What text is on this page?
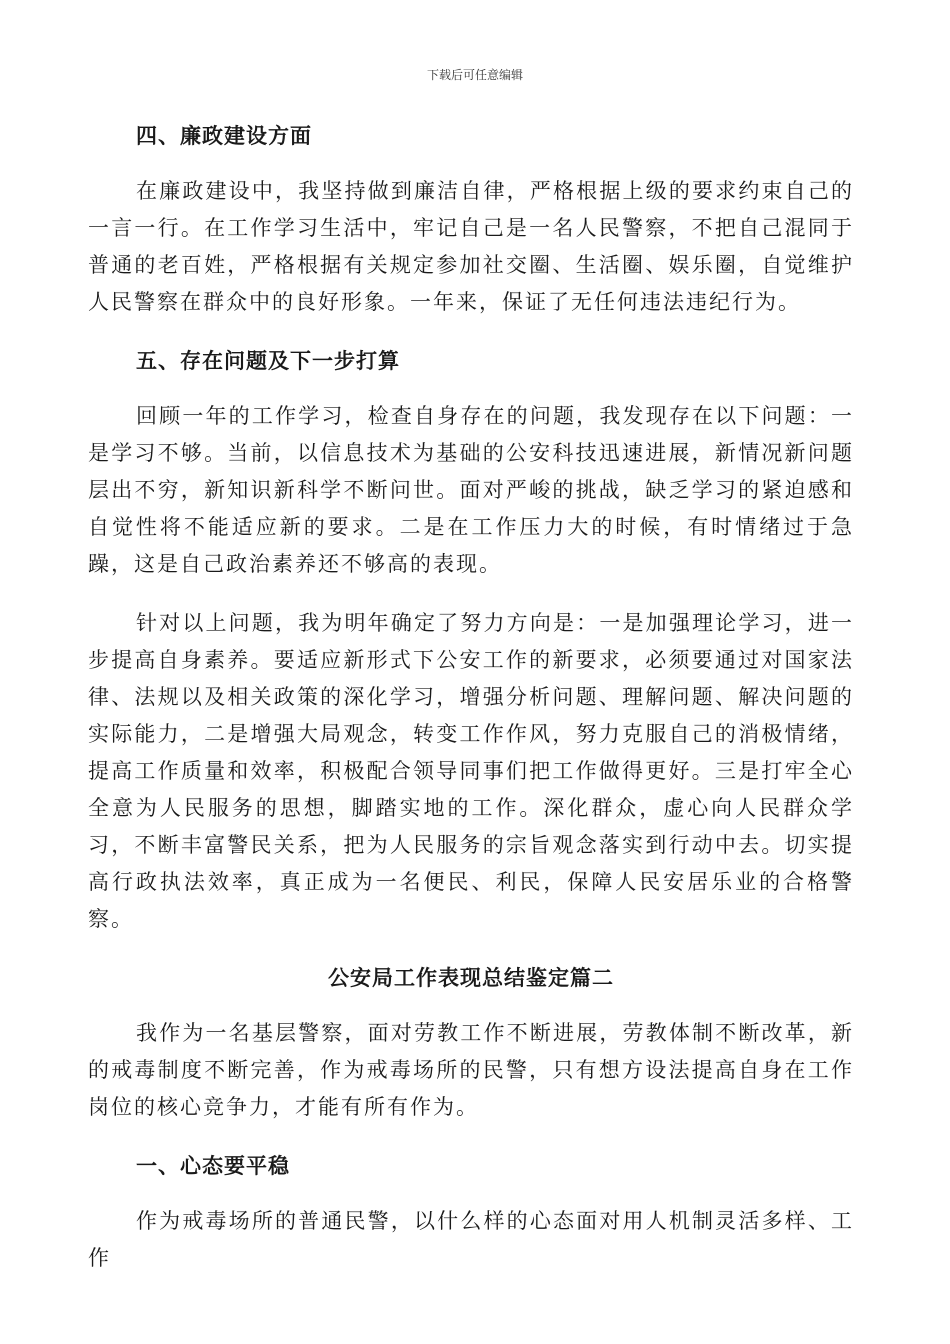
下载后可任意编辑
四、廉政建设方面

在廉政建设中，我坚持做到廉洁自律，严格根据上级的要求约束自己的一言一行。在工作学习生活中，牢记自己是一名人民警察，不把自己混同于普通的老百姓，严格根据有关规定参加社交圈、生活圈、娱乐圈，自觉维护人民警察在群众中的良好形象。一年来，保证了无任何违法违纪行为。

五、存在问题及下一步打算

回顾一年的工作学习，检查自身存在的问题，我发现存在以下问题：一是学习不够。当前，以信息技术为基础的公安科技迅速进展，新情况新问题层出不穷，新知识新科学不断问世。面对严峻的挑战，缺乏学习的紧迫感和自觉性将不能适应新的要求。二是在工作压力大的时候，有时情绪过于急躁，这是自己政治素养还不够高的表现。

针对以上问题，我为明年确定了努力方向是：一是加强理论学习，进一步提高自身素养。要适应新形式下公安工作的新要求，必须要通过对国家法律、法规以及相关政策的深化学习，增强分析问题、理解问题、解决问题的实际能力，二是增强大局观念，转变工作作风，努力克服自己的消极情绪，提高工作质量和效率，积极配合领导同事们把工作做得更好。三是打牢全心全意为人民服务的思想，脚踏实地的工作。深化群众，虚心向人民群众学习，不断丰富警民关系，把为人民服务的宗旨观念落实到行动中去。切实提高行政执法效率，真正成为一名便民、利民，保障人民安居乐业的合格警察。

公安局工作表现总结鉴定篇二

我作为一名基层警察，面对劳教工作不断进展，劳教体制不断改革，新的戒毒制度不断完善，作为戒毒场所的民警，只有想方设法提高自身在工作岗位的核心竞争力，才能有所有作为。

一、心态要平稳

作为戒毒场所的普通民警，以什么样的心态面对用人机制灵活多样、工作
